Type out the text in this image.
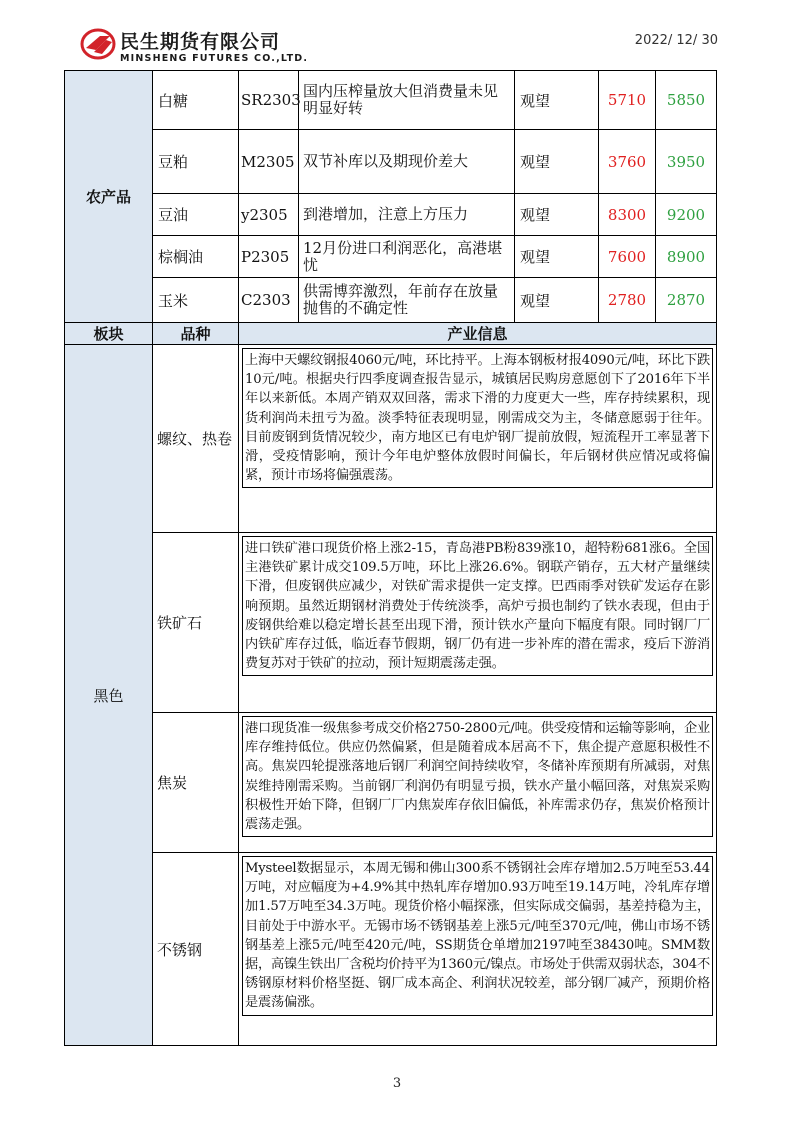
民生期货有限公司
MINSHENG FUTURES CO.,LTD.
2022/ 12/ 30
农产品	白糖	SR2303	国内压榨量放大但消费量未见明显好转	观望	5710	5850
	豆粕	M2305	双节补库以及期现价差大	观望	3760	3950
	豆油	y2305	到港增加，注意上方压力	观望	8300	9200
	棕榈油	P2305	12月份进口利润恶化，高港堪忧	观望	7600	8900
	玉米	C2303	供需博弈激烈，年前存在放量抛售的不确定性	观望	2780	2870
板块	品种	产业信息				
黑色	螺纹、热卷	上海中天螺纹钢报4060元/吨，环比持平。上海本钢板材报4090元/吨，环比下跌10元/吨。根据央行四季度调查报告显示，城镇居民购房意愿创下了2016年下半年以来新低。本周产销双双回落，需求下滑的力度更大一些，库存持续累积，现货利润尚未扭亏为盈。淡季特征表现明显，刚需成交为主，冬储意愿弱于往年。目前废钢到货情况较少，南方地区已有电炉钢厂提前放假，短流程开工率显著下滑，受疫情影响，预计今年电炉整体放假时间偏长，年后钢材供应情况或将偏紧，预计市场将偏强震荡。				

	铁矿石	进口铁矿港口现货价格上涨2-15，青岛港PB粉839涨10，超特粉681涨6。全国主港铁矿累计成交109.5万吨，环比上涨26.6%。钢联产销存，五大材产量继续下滑，但废钢供应减少，对铁矿需求提供一定支撑。巴西雨季对铁矿发运存在影响预期。虽然近期钢材消费处于传统淡季，高炉亏损也制约了铁水表现，但由于废钢供给难以稳定增长甚至出现下滑，预计铁水产量向下幅度有限。同时钢厂厂内铁矿库存过低，临近春节假期，钢厂仍有进一步补库的潜在需求，疫后下游消费复苏对于铁矿的拉动，预计短期震荡走强。				

	焦炭	港口现货准一级焦参考成交价格2750-2800元/吨。供受疫情和运输等影响，企业库存维持低位。供应仍然偏紧，但是随着成本居高不下，焦企提产意愿积极性不高。焦炭四轮提涨落地后钢厂利润空间持续收窄，冬储补库预期有所减弱，对焦炭维持刚需采购。当前钢厂利润仍有明显亏损，铁水产量小幅回落，对焦炭采购积极性开始下降，但钢厂厂内焦炭库存依旧偏低，补库需求仍存，焦炭价格预计震荡走强。				

	不锈钢	Mysteel数据显示，本周无锡和佛山300系不锈钢社会库存增加2.5万吨至53.44万吨，对应幅度为+4.9%其中热轧库存增加0.93万吨至19.14万吨，冷轧库存增加1.57万吨至34.3万吨。现货价格小幅探涨，但实际成交偏弱，基差持稳为主，目前处于中游水平。无锡市场不锈钢基差上涨5元/吨至370元/吨，佛山市场不锈钢基差上涨5元/吨至420元/吨，SS期货仓单增加2197吨至38430吨。SMM数据，高镍生铁出厂含税均价持平为1360元/镍点。市场处于供需双弱状态，304不锈钢原材料价格坚挺、钢厂成本高企、利润状况较差，部分钢厂减产，预期价格是震荡偏涨。				
3
